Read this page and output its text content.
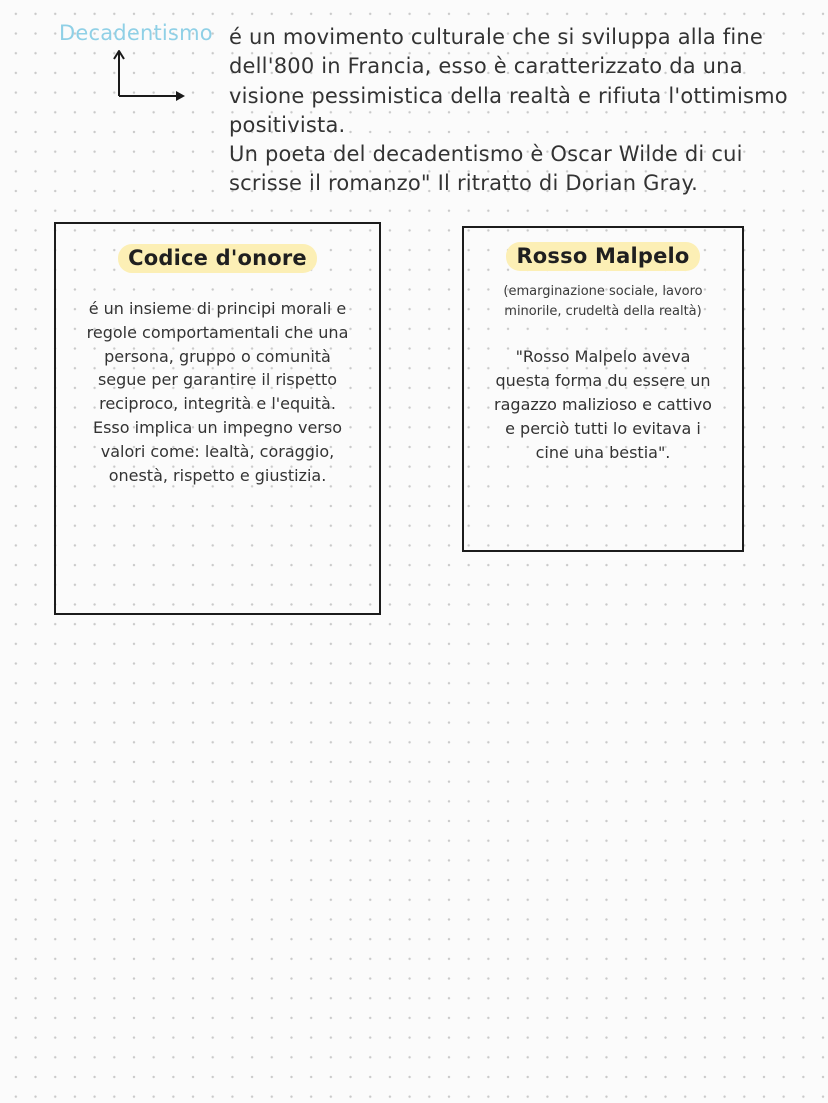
Decadentismo é un movimento culturale che si sviluppa alla fine dell'800 in Francia, esso è caratterizzato da una visione pessimistica della realtà e rifiuta l'ottimismo positivista.

Un poeta del decadentismo è Oscar Wilde di cui scrisse il romanzo" Il ritratto di Dorian Gray.

Codice d'onore
é un insieme di principi morali e regole comportamentali che una persona, gruppo o comunità segue per garantire il rispetto reciproco, integrità e l'equità. Esso implica un impegno verso valori come: lealtà, coraggio, onestà, rispetto e giustizia.
Rosso Malpelo
(emarginazione sociale, lavoro minorile, crudeltà della realtà)
"Rosso Malpelo aveva questa forma du essere un ragazzo malizioso e cattivo e perciò tutti lo evitava i cine una bestia".
